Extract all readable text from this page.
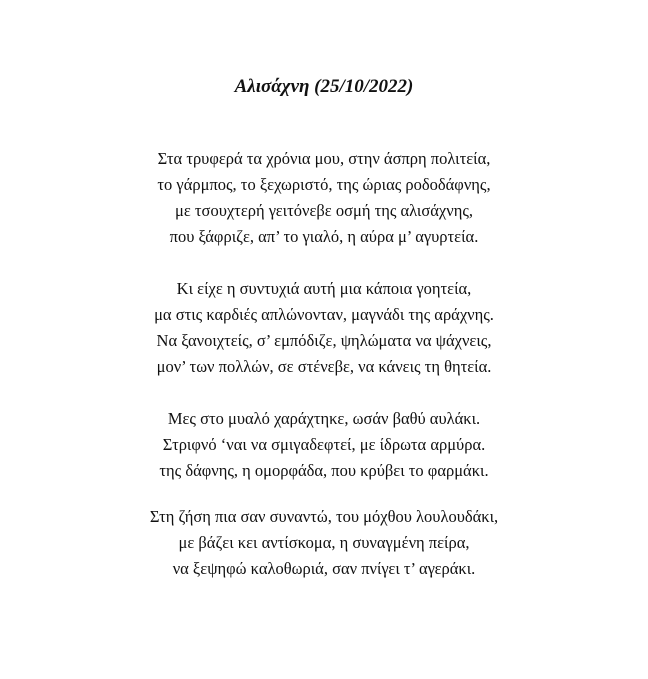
Αλισάχνη (25/10/2022)

Στα τρυφερά τα χρόνια μου, στην άσπρη πολιτεία,
το γάρμπος, το ξεχωριστό, της ώριας ροδοδάφνης,
με τσουχτερή γειτόνεβε οσμή της αλισάχνης,
που ξάφριζε, απ’ το γιαλό, η αύρα μ’ αγυρτεία.

Κι είχε η συντυχιά αυτή μια κάποια γοητεία,
μα στις καρδιές απλώνονταν, μαγνάδι της αράχνης.
Να ξανοιχτείς, σ’ εμπόδιζε, ψηλώματα να ψάχνεις,
μον’ των πολλών, σε στένεβε, να κάνεις τη θητεία.

Μες στο μυαλό χαράχτηκε, ωσάν βαθύ αυλάκι.
Στριφνό ‘ναι να σμιγαδεφτεί, με ίδρωτα αρμύρα.
της δάφνης, η ομορφάδα, που κρύβει το φαρμάκι.

Στη ζήση πια σαν συναντώ, του μόχθου λουλουδάκι,
με βάζει κει αντίσκομα, η συναγμένη πείρα,
να ξεψηφώ καλοθωριά, σαν πνίγει τ’ αγεράκι.
